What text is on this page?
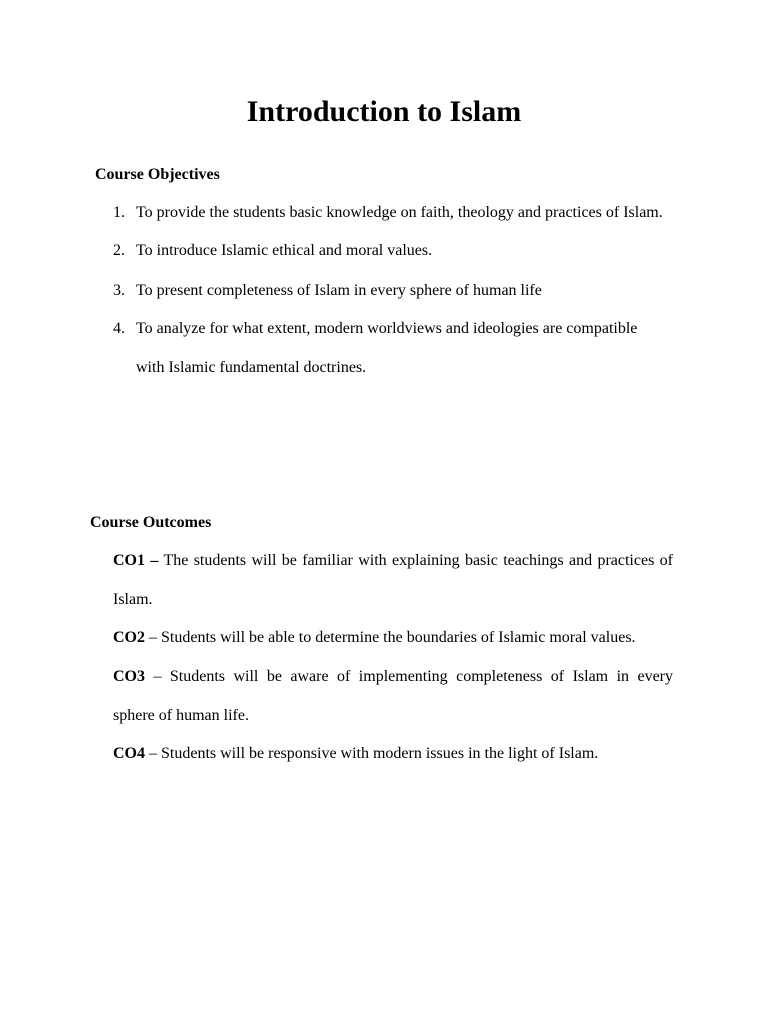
Introduction to Islam
Course Objectives
1. To provide the students basic knowledge on faith, theology and practices of Islam.
2. To introduce Islamic ethical and moral values.
3. To present completeness of Islam in every sphere of human life
4. To analyze for what extent, modern worldviews and ideologies are compatible
with Islamic fundamental doctrines.
Course Outcomes
CO1 – The students will be familiar with explaining basic teachings and practices of
Islam.
CO2 – Students will be able to determine the boundaries of Islamic moral values.
CO3 – Students will be aware of implementing completeness of Islam in every
sphere of human life.
CO4 – Students will be responsive with modern issues in the light of Islam.
